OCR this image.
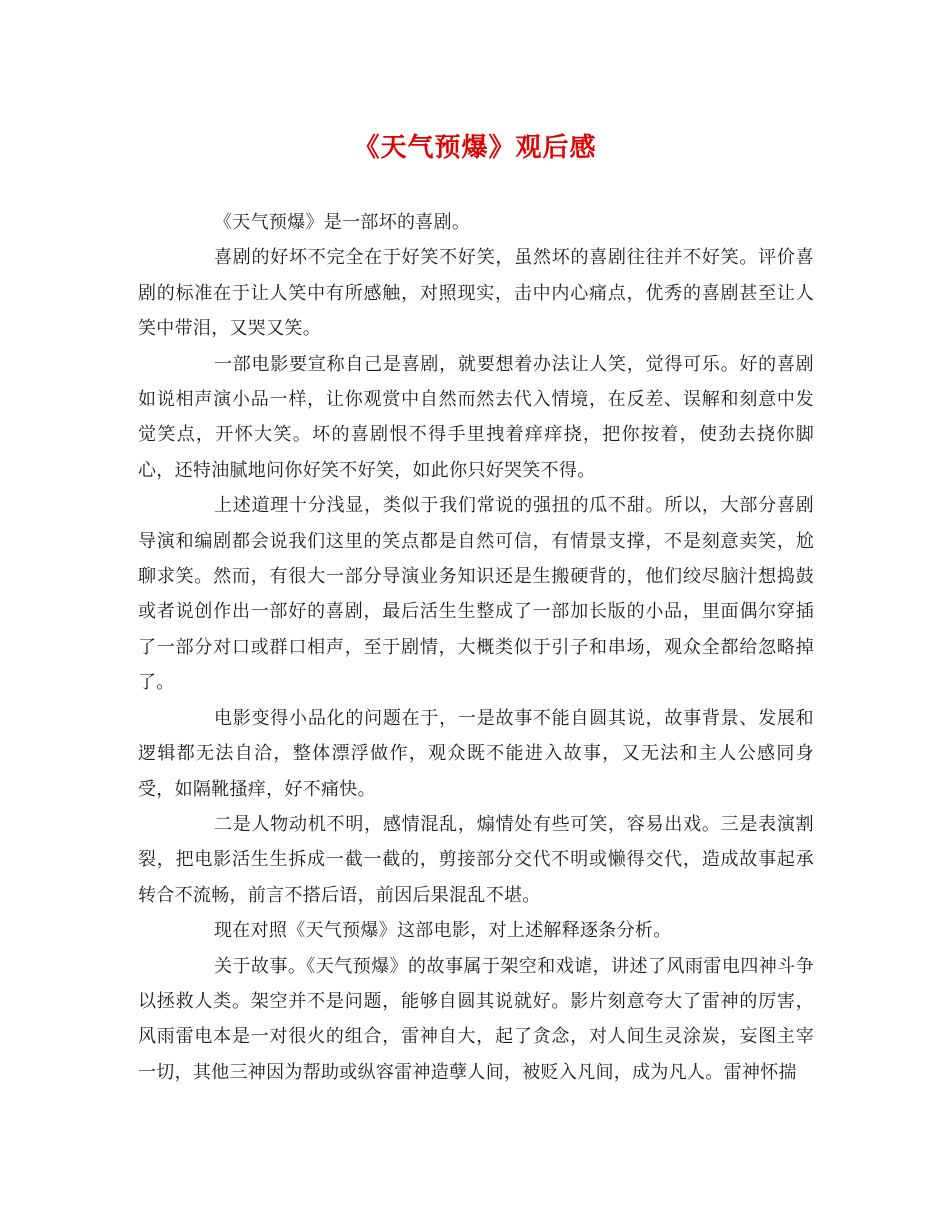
《天气预爆》观后感

《天气预爆》是一部坏的喜剧。

喜剧的好坏不完全在于好笑不好笑，虽然坏的喜剧往往并不好笑。评价喜剧的标准在于让人笑中有所感触，对照现实，击中内心痛点，优秀的喜剧甚至让人笑中带泪，又哭又笑。

一部电影要宣称自己是喜剧，就要想着办法让人笑，觉得可乐。好的喜剧如说相声演小品一样，让你观赏中自然而然去代入情境，在反差、误解和刻意中发觉笑点，开怀大笑。坏的喜剧恨不得手里拽着痒痒挠，把你按着，使劲去挠你脚心，还特油腻地问你好笑不好笑，如此你只好哭笑不得。

上述道理十分浅显，类似于我们常说的强扭的瓜不甜。所以，大部分喜剧导演和编剧都会说我们这里的笑点都是自然可信，有情景支撑，不是刻意卖笑，尬聊求笑。然而，有很大一部分导演业务知识还是生搬硬背的，他们绞尽脑汁想捣鼓或者说创作出一部好的喜剧，最后活生生整成了一部加长版的小品，里面偶尔穿插了一部分对口或群口相声，至于剧情，大概类似于引子和串场，观众全都给忽略掉了。

电影变得小品化的问题在于，一是故事不能自圆其说，故事背景、发展和逻辑都无法自洽，整体漂浮做作，观众既不能进入故事，又无法和主人公感同身受，如隔靴搔痒，好不痛快。

二是人物动机不明，感情混乱，煽情处有些可笑，容易出戏。三是表演割裂，把电影活生生拆成一截一截的，剪接部分交代不明或懒得交代，造成故事起承转合不流畅，前言不搭后语，前因后果混乱不堪。

现在对照《天气预爆》这部电影，对上述解释逐条分析。

关于故事。《天气预爆》的故事属于架空和戏谑，讲述了风雨雷电四神斗争以拯救人类。架空并不是问题，能够自圆其说就好。影片刻意夸大了雷神的厉害，风雨雷电本是一对很火的组合，雷神自大，起了贪念，对人间生灵涂炭，妄图主宰一切，其他三神因为帮助或纵容雷神造孽人间，被贬入凡间，成为凡人。雷神怀揣
